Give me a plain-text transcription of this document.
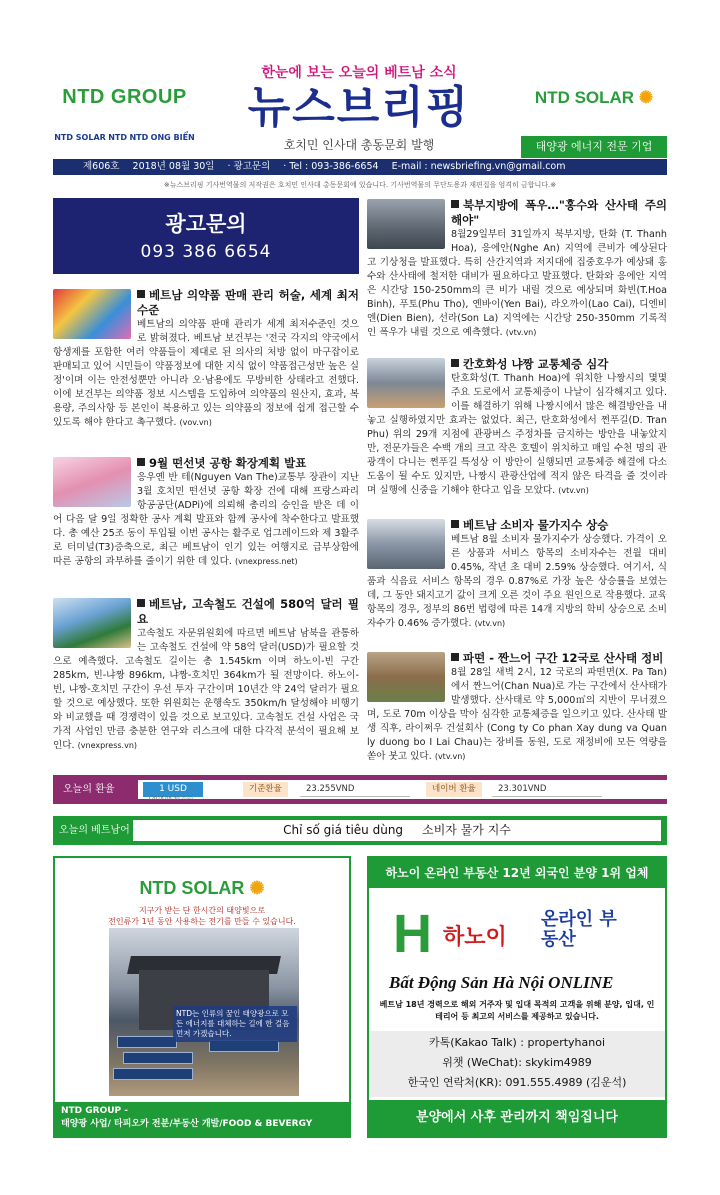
NTD GROUP
NTD SOLAR NTD NTD ONG BIỂN
한눈에 보는 오늘의 베트남 소식
뉴스브리핑
호치민 인사대 총동문회 발행
NTD SOLAR ✺
태양광 에너지 전문 기업
제606호 2018년 08월 30일 · 광고문의 · Tel : 093-386-6654 E-mail : newsbriefing.vn@gmail.com
※뉴스브리핑 기사번역물의 저작권은 호치민 인사대 총동문회에 있습니다. 기사번역물의 무단도용과 재편집을 엄격히 금합니다.※
광고문의
093 386 6654
베트남 의약품 판매 관리 허술, 세계 최저 수준
베트남의 의약품 판매 관리가 세계 최저수준인 것으로 밝혀졌다. 베트남 보건부는 '전국 각지의 약국에서 항생제를 포함한 여러 약품들이 제대로 된 의사의 처방 없이 마구잡이로 판매되고 있어 시민들이 약품정보에 대한 지식 없이 약품접근성만 높은 실정'이며 이는 안전성뿐만 아니라 오·남용에도 무방비한 상태라고 전했다. 이에 보건부는 의약품 정보 시스템을 도입하여 의약품의 원산지, 효과, 복용량, 주의사항 등 본인이 복용하고 있는 의약품의 정보에 쉽게 접근할 수 있도록 해야 한다고 촉구했다. (vov.vn)
9월 떤선녓 공항 확장계획 발표
응우옌 반 테(Nguyen Van The)교통부 장관이 지난 3월 호치민 떤선녓 공항 확장 건에 대해 프랑스파리항공공단(ADPi)에 의뢰해 총리의 승인을 받은 데 이어 다음 달 9일 정확한 공사 계획 발표와 함께 공사에 착수한다고 발표했다. 총 예산 25조 동이 투입될 이번 공사는 활주로 업그레이드와 제 3활주로 터미널(T3)증축으로, 최근 베트남이 인기 있는 여행지로 급부상함에 따른 공항의 과부하를 줄이기 위한 데 있다. (vnexpress.net)
베트남, 고속철도 건설에 580억 달러 필요
고속철도 자문위원회에 따르면 베트남 남북을 관통하는 고속철도 건설에 약 58억 달러(USD)가 필요할 것으로 예측했다. 고속철도 길이는 총 1.545km 이며 하노이-빈 구간 285km, 빈-냐짱 896km, 냐짱-호치민 364km가 될 전망이다. 하노이-빈, 냐짱-호치민 구간이 우선 투자 구간이며 10년간 약 24억 달러가 필요할 것으로 예상했다. 또한 위원회는 운행속도 350km/h 달성해야 비행기와 비교했을 때 경쟁력이 있을 것으로 보고있다. 고속철도 건설 사업은 국가적 사업인 만큼 충분한 연구와 리스크에 대한 다각적 분석이 필요해 보인다. (vnexpress.vn)
북부지방에 폭우…"홍수와 산사태 주의 해야"
8월29일부터 31일까지 북부지방, 탄화 (T. Thanh Hoa), 응에안(Nghe An) 지역에 큰비가 예상된다고 기상청을 발표했다. 특히 산간지역과 저지대에 집중호우가 예상돼 홍수와 산사태에 철저한 대비가 필요하다고 발표했다. 탄화와 응에안 지역은 시간당 150-250mm의 큰 비가 내릴 것으로 예상되며 화빈(T.Hoa Binh), 푸토(Phu Tho), 옌바이(Yen Bai), 라오까이(Lao Cai), 디엔비엔(Dien Bien), 선라(Son La) 지역에는 시간당 250-350mm 기록적인 폭우가 내릴 것으로 예측했다. (vtv.vn)
칸호화성 냐짱 교통체증 심각
탄호화성(T. Thanh Hoa)에 위치한 나짱시의 몇몇 주요 도로에서 교통체증이 나날이 심각해지고 있다. 이를 해결하기 위해 나짱시에서 많은 해결방안을 내놓고 실행하였지만 효과는 없었다. 최근, 탄호화성에서 쩐푸길(D. Tran Phu) 위의 29개 지점에 관광버스 주정차를 금지하는 방안을 내놓았지만, 전문가들은 수백 개의 크고 작은 호텔이 위치하고 매일 수천 명의 관광객이 다니는 쩐푸길 특성상 이 방안이 실행되면 교통체증 해결에 다소 도움이 될 수도 있지만, 나짱시 관광산업에 적지 않은 타격을 줄 것이라며 실행에 신중을 기해야 한다고 입을 모았다. (vtv.vn)
베트남 소비자 물가지수 상승
베트남 8월 소비자 물가지수가 상승했다. 가격이 오른 상품과 서비스 항목의 소비자수는 전월 대비 0.45%, 작년 초 대비 2.59% 상승했다. 여기서, 식품과 식음료 서비스 항목의 경우 0.87%로 가장 높은 상승률을 보였는데, 그 동안 돼지고기 값이 크게 오른 것이 주요 원인으로 작용했다. 교육 항목의 경우, 정부의 86번 법령에 따른 14개 지방의 학비 상승으로 소비자수가 0.46% 증가했다. (vtv.vn)
파떤 - 짠느어 구간 12국로 산사태 정비
8월 28일 새벽 2시, 12 국로의 파떤면(X. Pa Tan)에서 짠느어(Chan Nua)로 가는 구간에서 산사태가 발생했다. 산사태로 약 5,000㎥의 지반이 무너졌으며, 도로 70m 이상을 막아 심각한 교통체증을 일으키고 있다. 산사태 발생 직후, 라이쩌우 건설회사 (Cong ty Co phan Xay dung va Quan ly duong bo I Lai Chau)는 장비를 동원, 도로 재정비에 모든 역량을 쏟아 붓고 있다. (vtv.vn)
오늘의 환율	1 USD
(2018.08.30 기준)
기준환율	23.255VND	네이버 환율	23.301VND
오늘의 베트남어	Chỉ số giá tiêu dùng 소비자 물가 지수
NTD SOLAR ✺
지구가 받는 단 한시간의 태양빛으로
전인류가 1년 동안 사용하는 전기를 만들 수 있습니다.
NTD는 인류의 꿈인 태양광으로 모든 에너지를 대체하는 길에 한 걸음 먼저 가겠습니다.
NTD GROUP -
태양광 사업/ 타피오카 전분/부동산 개발/FOOD & BEVERGY
하노이 온라인 부동산 12년 외국인 분양 1위 업체
H 하노이
온라인 부동산
Bất Động Sản Hà Nội ONLINE
베트남 18년 경력으로 해외 거주자 및 입대 목적의 고객을 위해 분양, 입대, 인테리어 등 최고의 서비스를 제공하고 있습니다.
카톡(Kakao Talk) : propertyhanoi
위챗 (WeChat): skykim4989
한국인 연락처(KR): 091.555.4989 (김운석)
분양에서 사후 관리까지 책임집니다
